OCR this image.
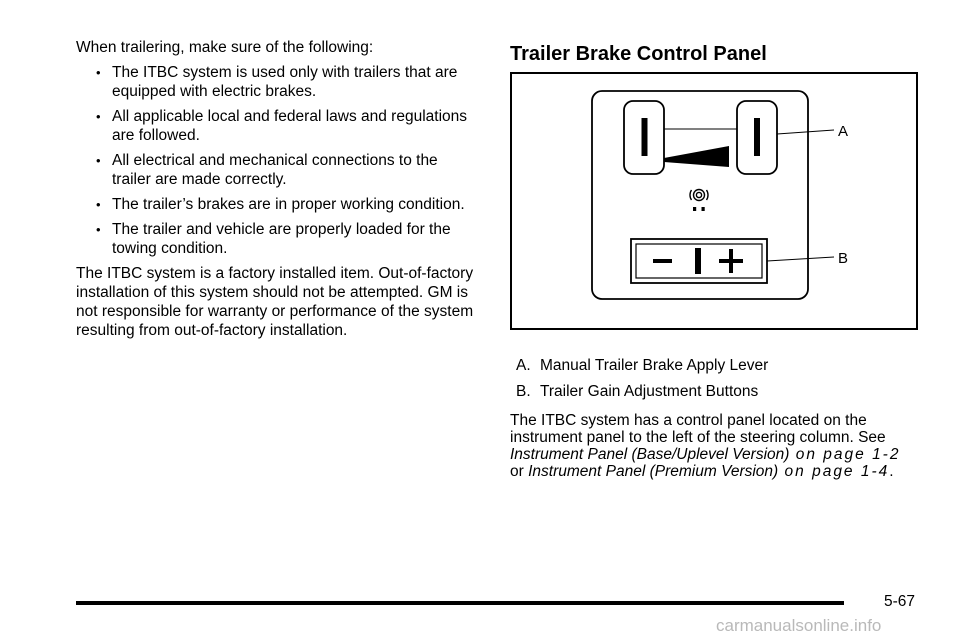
When trailering, make sure of the following:

• The ITBC system is used only with trailers that are equipped with electric brakes.
• All applicable local and federal laws and regulations are followed.
• All electrical and mechanical connections to the trailer are made correctly.
• The trailer’s brakes are in proper working condition.
• The trailer and vehicle are properly loaded for the towing condition.

The ITBC system is a factory installed item. Out-of-factory installation of this system should not be attempted. GM is not responsible for warranty or performance of the system resulting from out-of-factory installation.

Trailer Brake Control Panel
A
B
A. Manual Trailer Brake Apply Lever
B. Trailer Gain Adjustment Buttons
The ITBC system has a control panel located on the instrument panel to the left of the steering column. See
Instrument Panel (Base/Uplevel Version) on page 1-2
or Instrument Panel (Premium Version) on page 1-4.
5-67
carmanualsonline.info
